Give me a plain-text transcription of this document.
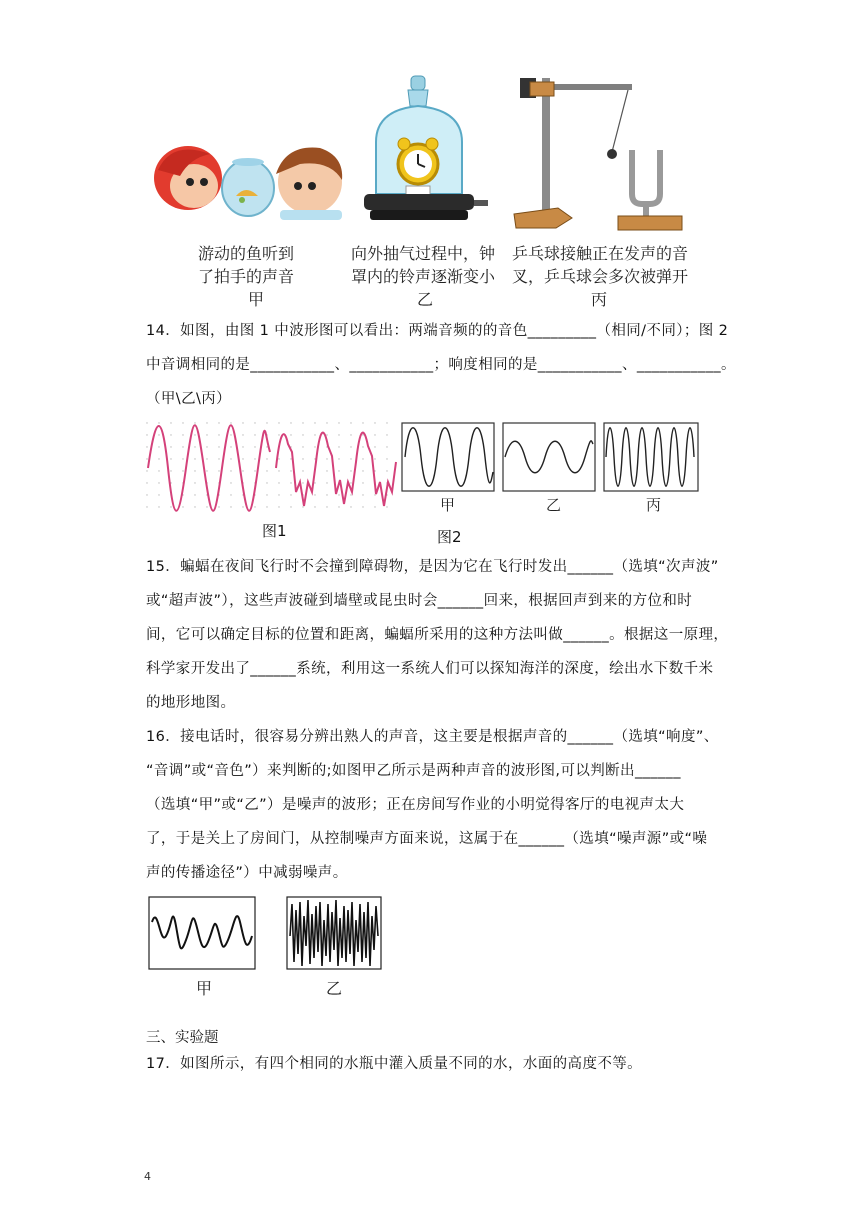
游动的鱼听到
了拍手的声音
甲
向外抽气过程中，钟
罩内的铃声逐渐变小
乙
乒乓球接触正在发声的音
叉，乒乓球会多次被弹开
丙
14．如图，由图 1 中波形图可以看出：两端音频的的音色_________（相同/不同）；图 2
中音调相同的是___________、___________；响度相同的是___________、___________。
（甲\乙\丙）
图1
甲	乙	丙
图2
15．蝙蝠在夜间飞行时不会撞到障碍物，是因为它在飞行时发出______（选填“次声波”
或“超声波”），这些声波碰到墙壁或昆虫时会______回来，根据回声到来的方位和时
间，它可以确定目标的位置和距离，蝙蝠所采用的这种方法叫做______。根据这一原理，
科学家开发出了______系统，利用这一系统人们可以探知海洋的深度，绘出水下数千米
的地形地图。
16．接电话时，很容易分辨出熟人的声音，这主要是根据声音的______（选填“响度”、
“音调”或“音色”）来判断的;如图甲乙所示是两种声音的波形图,可以判断出______
（选填“甲”或“乙”）是噪声的波形；正在房间写作业的小明觉得客厅的电视声太大
了，于是关上了房间门，从控制噪声方面来说，这属于在______（选填“噪声源”或“噪
声的传播途径”）中减弱噪声。
甲	乙
三、实验题
17．如图所示，有四个相同的水瓶中灌入质量不同的水，水面的高度不等。
4
